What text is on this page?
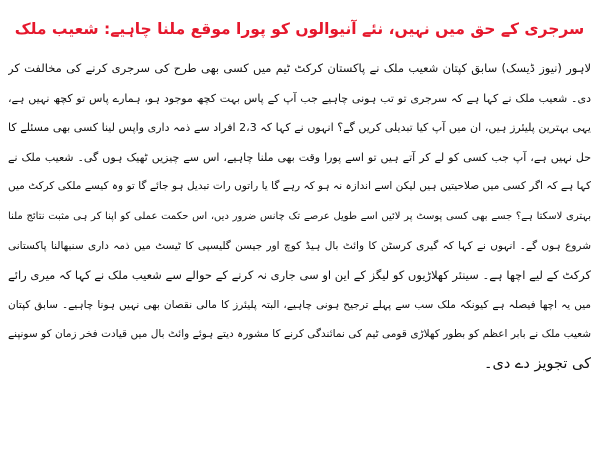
سرجری کے حق میں نہیں، نئے آنیوالوں کو پورا موقع ملنا چاہیے: شعیب ملک

لاہور (نیوز ڈیسک) سابق کپتان شعیب ملک نے پاکستان کرکٹ ٹیم میں کسی بھی طرح کی سرجری کرنے کی مخالفت کر
دی۔ شعیب ملک نے کہا ہے کہ سرجری تو تب ہونی چاہیے جب آپ کے پاس بہت کچھ موجود ہو، ہمارے پاس تو کچھ نہیں ہے،
یہی بہترین پلیئرز ہیں، ان میں آپ کیا تبدیلی کریں گے؟ انہوں نے کہا کہ 2،3 افراد سے ذمہ داری واپس لینا کسی بھی مسئلے کا
حل نہیں ہے، آپ جب کسی کو لے کر آتے ہیں تو اسے پورا وقت بھی ملنا چاہیے، اس سے چیزیں ٹھیک ہوں گی۔ شعیب ملک نے
کہا ہے کہ اگر کسی میں صلاحیتیں ہیں لیکن اسے اندازہ نہ ہو کہ رہے گا یا راتوں رات تبدیل ہو جائے گا تو وہ کیسے ملکی کرکٹ میں
بہتری لاسکتا ہے؟ جسے بھی کسی پوسٹ پر لائیں اسے طویل عرصے تک چانس ضرور دیں، اس حکمت عملی کو اپنا کر ہی مثبت نتائج ملنا
شروع ہوں گے۔ انہوں نے کہا کہ گیری کرسٹن کا وائٹ بال ہیڈ کوچ اور جیسن گلیسپی کا ٹیسٹ میں ذمہ داری سنبھالنا پاکستانی
کرکٹ کے لیے اچھا ہے۔ سینئر کھلاڑیوں کو لیگز کے این او سی جاری نہ کرنے کے حوالے سے شعیب ملک نے کہا کہ میری رائے
میں یہ اچھا فیصلہ ہے کیونکہ ملک سب سے پہلے ترجیح ہونی چاہیے، البتہ پلیئرز کا مالی نقصان بھی نہیں ہونا چاہیے۔ سابق کپتان
شعیب ملک نے بابر اعظم کو بطور کھلاڑی قومی ٹیم کی نمائندگی کرنے کا مشورہ دیتے ہوئے وائٹ بال میں قیادت فخر زمان کو سونپنے
کی تجویز دے دی۔
